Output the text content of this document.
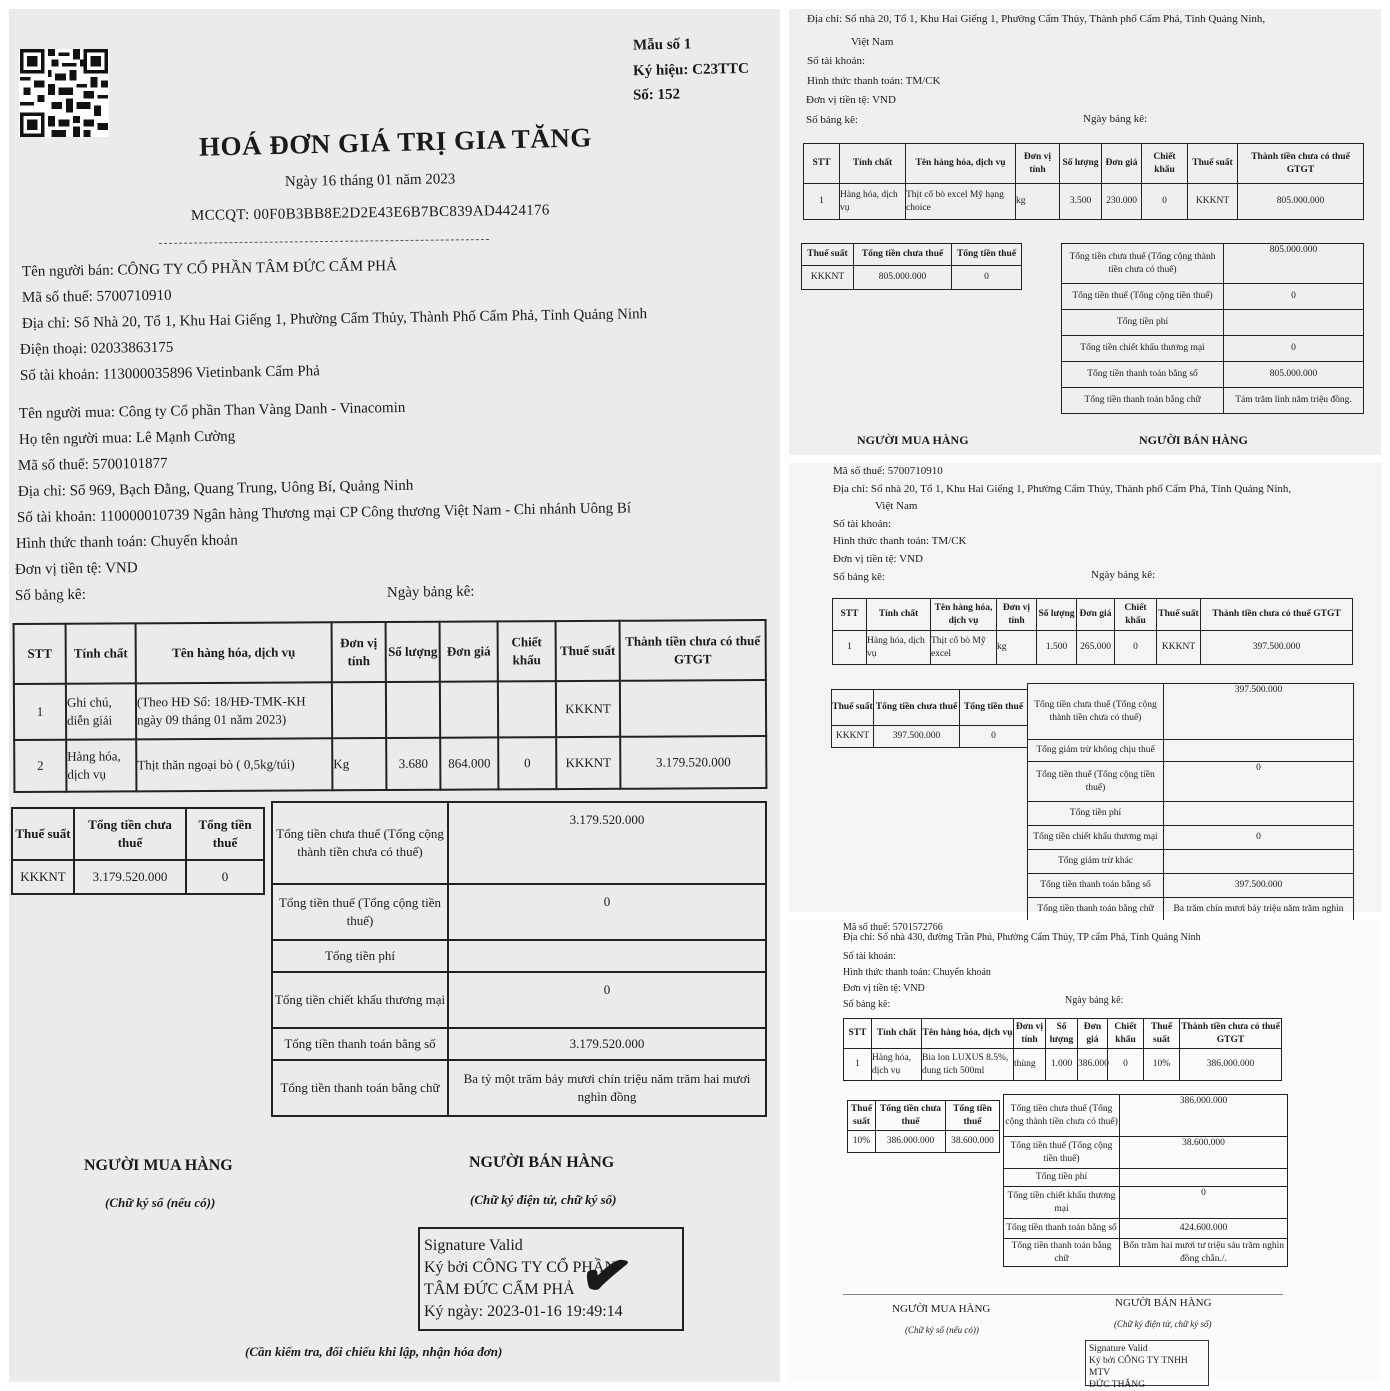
Mẫu số 1
Ký hiệu: C23TTC
Số: 152
HOÁ ĐƠN GIÁ TRỊ GIA TĂNG
Ngày 16 tháng 01 năm 2023
MCCQT: 00F0B3BB8E2D2E43E6B7BC839AD4424176
Tên người bán: CÔNG TY CỔ PHẦN TÂM ĐỨC CẨM PHẢ
Mã số thuế: 5700710910
Địa chỉ: Số Nhà 20, Tổ 1, Khu Hai Giếng 1, Phường Cẩm Thủy, Thành Phố Cẩm Phả, Tỉnh Quảng Ninh
Điện thoại: 02033863175
Số tài khoản: 113000035896 Vietinbank Cẩm Phả
Tên người mua: Công ty Cổ phần Than Vàng Danh - Vinacomin
Họ tên người mua: Lê Mạnh Cường
Mã số thuế: 5700101877
Địa chỉ: Số 969, Bạch Đằng, Quang Trung, Uông Bí, Quảng Ninh
Số tài khoản: 110000010739 Ngân hàng Thương mại CP Công thương Việt Nam - Chi nhánh Uông Bí
Hình thức thanh toán: Chuyển khoản
Đơn vị tiền tệ: VND
Số bảng kê:	Ngày bảng kê:
STT	Tính chất	Tên hàng hóa, dịch vụ	Đơn vị tính	Số lượng	Đơn giá	Chiết khấu	Thuế suất	Thành tiền chưa có thuế GTGT
1	Ghi chú, diễn giải	(Theo HĐ Số: 18/HĐ-TMK-KH ngày 09 tháng 01 năm 2023)					KKKNT	
2	Hàng hóa, dịch vụ	Thịt thăn ngoại bò ( 0,5kg/túi)	Kg	3.680	864.000	0	KKKNT	3.179.520.000
Thuế suất	Tổng tiền chưa thuế	Tổng tiền thuế
KKKNT	3.179.520.000	0
Tổng tiền chưa thuế (Tổng cộng thành tiền chưa có thuế)	3.179.520.000
Tổng tiền thuế (Tổng cộng tiền thuế)	0
Tổng tiền phí	
Tổng tiền chiết khấu thương mại	0
Tổng tiền thanh toán bằng số	3.179.520.000
Tổng tiền thanh toán bằng chữ	Ba tỷ một trăm bảy mươi chín triệu năm trăm hai mươi nghìn đồng
NGƯỜI MUA HÀNG
(Chữ ký số (nếu có))
NGƯỜI BÁN HÀNG
(Chữ ký điện tử, chữ ký số)
Signature Valid
Ký bởi CÔNG TY CỔ PHẦN
TÂM ĐỨC CẨM PHẢ
Ký ngày: 2023-01-16 19:49:14
✔
(Cần kiểm tra, đối chiếu khi lập, nhận hóa đơn)
Địa chỉ: Số nhà 20, Tổ 1, Khu Hai Giếng 1, Phường Cẩm Thủy, Thành phố Cẩm Phả, Tỉnh Quảng Ninh,
Việt Nam
Số tài khoản:
Hình thức thanh toán: TM/CK
Đơn vị tiền tệ: VND
Số bảng kê:	Ngày bảng kê:
STT	Tính chất	Tên hàng hóa, dịch vụ	Đơn vị tính	Số lượng	Đơn giá	Chiết khấu	Thuế suất	Thành tiền chưa có thuế GTGT
1	Hàng hóa, dịch vụ	Thịt cổ bò excel Mỹ hạng choice	kg	3.500	230.000	0	KKKNT	805.000.000
Thuế suất	Tổng tiền chưa thuế	Tổng tiền thuế
KKKNT	805.000.000	0
Tổng tiền chưa thuế (Tổng cộng thành tiền chưa có thuế)	805.000.000
Tổng tiền thuế (Tổng cộng tiền thuế)	0
Tổng tiền phí	
Tổng tiền chiết khấu thương mại	0
Tổng tiền thanh toán bằng số	805.000.000
Tổng tiền thanh toán bằng chữ	Tám trăm linh năm triệu đồng.
NGƯỜI MUA HÀNG	NGƯỜI BÁN HÀNG
Mã số thuế: 5700710910
Địa chỉ: Số nhà 20, Tổ 1, Khu Hai Giếng 1, Phường Cẩm Thủy, Thành phố Cẩm Phả, Tỉnh Quảng Ninh,
Việt Nam
Số tài khoản:
Hình thức thanh toán: TM/CK
Đơn vị tiền tệ: VND
Số bảng kê:	Ngày bảng kê:
STT	Tính chất	Tên hàng hóa, dịch vụ	Đơn vị tính	Số lượng	Đơn giá	Chiết khấu	Thuế suất	Thành tiền chưa có thuế GTGT
1	Hàng hóa, dịch vụ	Thịt cổ bò Mỹ excel	kg	1.500	265.000	0	KKKNT	397.500.000
Thuế suất	Tổng tiền chưa thuế	Tổng tiền thuế
KKKNT	397.500.000	0
Tổng tiền chưa thuế (Tổng cộng thành tiền chưa có thuế)	397.500.000
Tổng giảm trừ không chịu thuế	
Tổng tiền thuế (Tổng cộng tiền thuế)	0
Tổng tiền phí	
Tổng tiền chiết khấu thương mại	0
Tổng giảm trừ khác	
Tổng tiền thanh toán bằng số	397.500.000
Tổng tiền thanh toán bằng chữ	Ba trăm chín mươi bảy triệu năm trăm nghìn
Mã số thuế: 5701572766
Địa chỉ: Số nhà 430, đường Trần Phú, Phường Cẩm Thủy, TP cẩm Phả, Tỉnh Quảng Ninh
Số tài khoản:
Hình thức thanh toán: Chuyển khoản
Đơn vị tiền tệ: VND
Số bảng kê:	Ngày bảng kê:
STT	Tính chất	Tên hàng hóa, dịch vụ	Đơn vị tính	Số lượng	Đơn giá	Chiết khấu	Thuế suất	Thành tiền chưa có thuế GTGT
1	Hàng hóa, dịch vụ	Bia lon LUXUS 8.5%, dung tích 500ml	thùng	1.000	386.000	0	10%	386.000.000
Thuế suất	Tổng tiền chưa thuế	Tổng tiền thuế
10%	386.000.000	38.600.000
Tổng tiền chưa thuế (Tổng cộng thành tiền chưa có thuế)	386.000.000
Tổng tiền thuế (Tổng cộng tiền thuế)	38.600.000
Tổng tiền phí	
Tổng tiền chiết khấu thương mại	0
Tổng tiền thanh toán bằng số	424.600.000
Tổng tiền thanh toán bằng chữ	Bốn trăm hai mươi tư triệu sáu trăm nghìn đồng chẵn./.
NGƯỜI MUA HÀNG
(Chữ ký số (nếu có))
NGƯỜI BÁN HÀNG
(Chữ ký điện tử, chữ ký số)
Signature Valid
Ký bởi CÔNG TY TNHH MTV
ĐỨC THẮNG
